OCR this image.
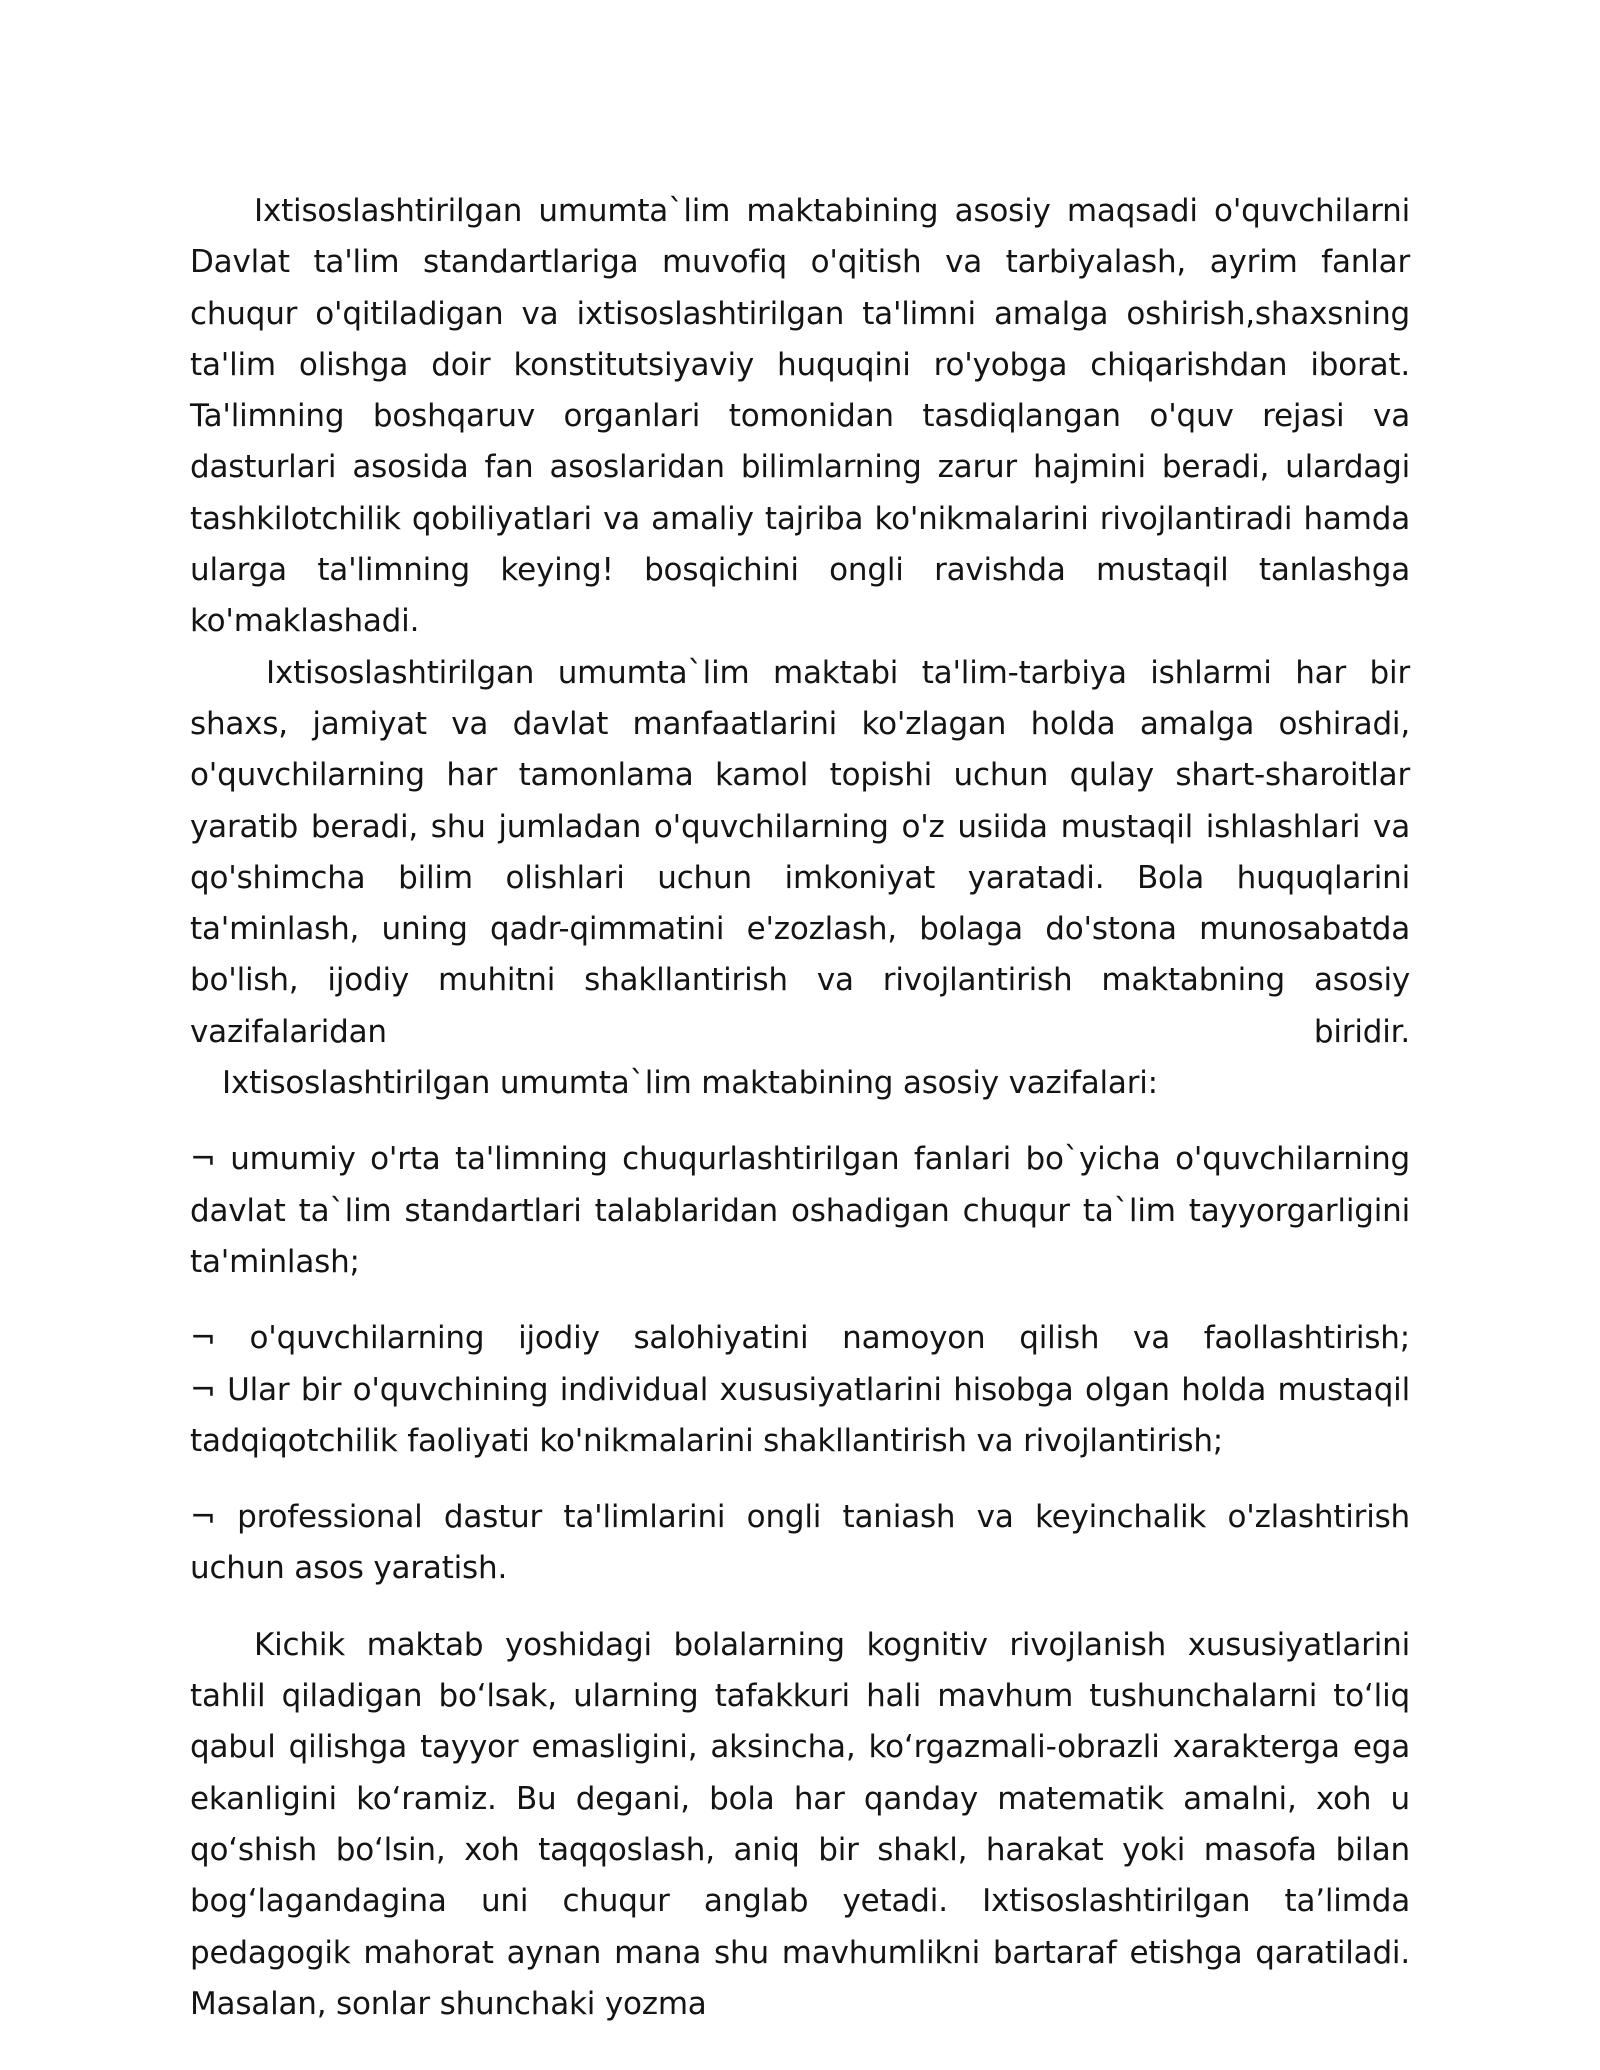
Ixtisoslashtirilgan umumta`lim maktabining asosiy maqsadi o'quvchilarni Davlat ta'lim standartlariga muvofiq o'qitish va tarbiyalash, ayrim fanlar chuqur o'qitiladigan va ixtisoslashtirilgan ta'limni amalga oshirish,shaxsning ta'lim olishga doir konstitutsiyaviy huquqini ro'yobga chiqarishdan iborat. Ta'limning boshqaruv organlari tomonidan tasdiqlangan o'quv rejasi va dasturlari asosida fan asoslaridan bilimlarning zarur hajmini beradi, ulardagi tashkilotchilik qobiliyatlari va amaliy tajriba ko'nikmalarini rivojlantiradi hamda ularga ta'limning keying! bosqichini ongli ravishda mustaqil tanlashga ko'maklashadi.

Ixtisoslashtirilgan umumta`lim maktabi ta'lim-tarbiya ishlarmi har bir shaxs, jamiyat va davlat manfaatlarini ko'zlagan holda amalga oshiradi, o'quvchilarning har tamonlama kamol topishi uchun qulay shart-sharoitlar yaratib beradi, shu jumladan o'quvchilarning o'z usiida mustaqil ishlashlari va qo'shimcha bilim olishlari uchun imkoniyat yaratadi. Bola huquqlarini ta'minlash, uning qadr-qimmatini e'zozlash, bolaga do'stona munosabatda bo'lish, ijodiy muhitni shakllantirish va rivojlantirish maktabning asosiy vazifalaridan biridir.

Ixtisoslashtirilgan umumta`lim maktabining asosiy vazifalari:

¬ umumiy o'rta ta'limning chuqurlashtirilgan fanlari bo`yicha o'quvchilarning davlat ta`lim standartlari talablaridan oshadigan chuqur ta`lim tayyorgarligini ta'minlash;

¬ o'quvchilarning ijodiy salohiyatini namoyon qilish va faollashtirish;

¬ Ular bir o'quvchining individual xususiyatlarini hisobga olgan holda mustaqil tadqiqotchilik faoliyati ko'nikmalarini shakllantirish va rivojlantirish;

¬ professional dastur ta'limlarini ongli taniash va keyinchalik o'zlashtirish uchun asos yaratish.

Kichik maktab yoshidagi bolalarning kognitiv rivojlanish xususiyatlarini tahlil qiladigan boʻlsak, ularning tafakkuri hali mavhum tushunchalarni toʻliq qabul qilishga tayyor emasligini, aksincha, koʻrgazmali-obrazli xarakterga ega ekanligini koʻramiz. Bu degani, bola har qanday matematik amalni, xoh u qoʻshish boʻlsin, xoh taqqoslash, aniq bir shakl, harakat yoki masofa bilan bogʻlagandagina uni chuqur anglab yetadi. Ixtisoslashtirilgan taʼlimda pedagogik mahorat aynan mana shu mavhumlikni bartaraf etishga qaratiladi. Masalan, sonlar shunchaki yozma
